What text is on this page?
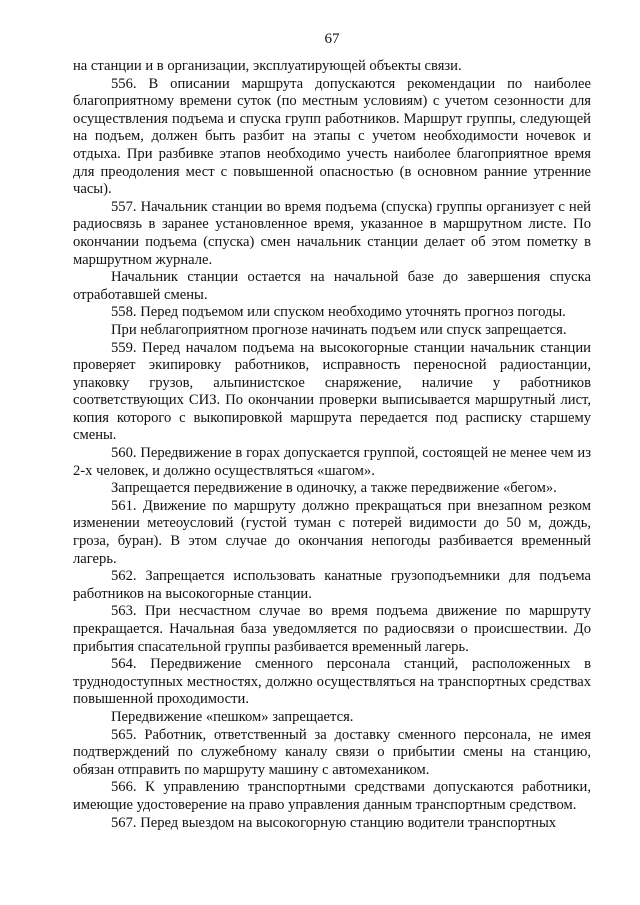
67

на станции и в организации, эксплуатирующей объекты связи.

556. В описании маршрута допускаются рекомендации по наиболее благоприятному времени суток (по местным условиям) с учетом сезонности для осуществления подъема и спуска групп работников. Маршрут группы, следующей на подъем, должен быть разбит на этапы с учетом необходимости ночевок и отдыха. При разбивке этапов необходимо учесть наиболее благоприятное время для преодоления мест с повышенной опасностью (в основном ранние утренние часы).

557. Начальник станции во время подъема (спуска) группы организует с ней радиосвязь в заранее установленное время, указанное в маршрутном листе. По окончании подъема (спуска) смен начальник станции делает об этом пометку в маршрутном журнале.

Начальник станции остается на начальной базе до завершения спуска отработавшей смены.

558. Перед подъемом или спуском необходимо уточнять прогноз погоды.

При неблагоприятном прогнозе начинать подъем или спуск запрещается.

559. Перед началом подъема на высокогорные станции начальник станции проверяет экипировку работников, исправность переносной радиостанции, упаковку грузов, альпинистское снаряжение, наличие у работников соответствующих СИЗ. По окончании проверки выписывается маршрутный лист, копия которого с выкопировкой маршрута передается под расписку старшему смены.

560. Передвижение в горах допускается группой, состоящей не менее чем из 2-х человек, и должно осуществляться «шагом».

Запрещается передвижение в одиночку, а также передвижение «бегом».

561. Движение по маршруту должно прекращаться при внезапном резком изменении метеоусловий (густой туман с потерей видимости до 50 м, дождь, гроза, буран). В этом случае до окончания непогоды разбивается временный лагерь.

562. Запрещается использовать канатные грузоподъемники для подъема работников на высокогорные станции.

563. При несчастном случае во время подъема движение по маршруту прекращается. Начальная база уведомляется по радиосвязи о происшествии. До прибытия спасательной группы разбивается временный лагерь.

564. Передвижение сменного персонала станций, расположенных в труднодоступных местностях, должно осуществляться на транспортных средствах повышенной проходимости.

Передвижение «пешком» запрещается.

565. Работник, ответственный за доставку сменного персонала, не имея подтверждений по служебному каналу связи о прибытии смены на станцию, обязан отправить по маршруту машину с автомехаником.

566. К управлению транспортными средствами допускаются работники, имеющие удостоверение на право управления данным транспортным средством.

567. Перед выездом на высокогорную станцию водители транспортных
